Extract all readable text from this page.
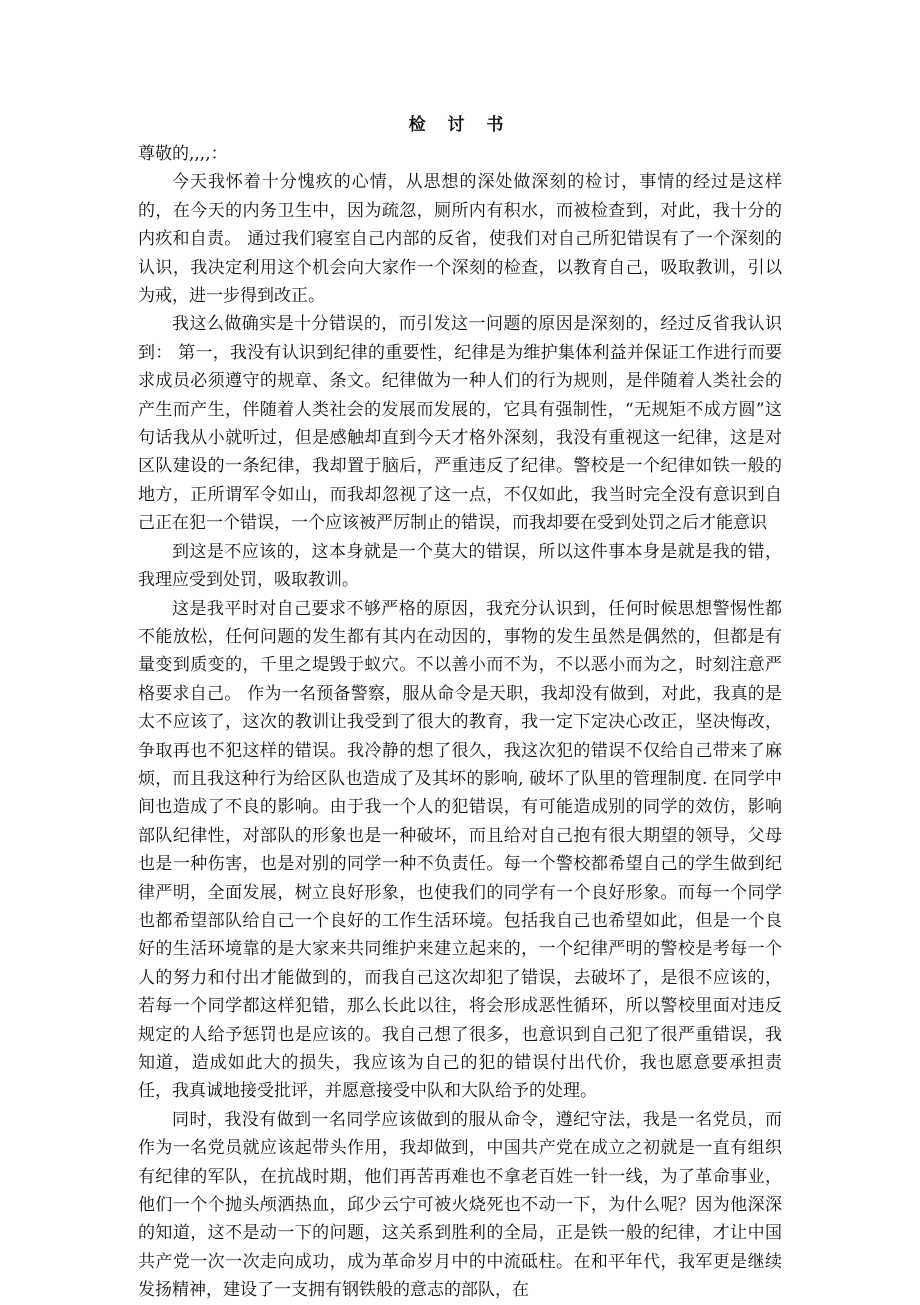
检 讨 书

尊敬的,,,,：

今天我怀着十分愧疚的心情，从思想的深处做深刻的检讨，事情的经过是这样的，在今天的内务卫生中，因为疏忽，厕所内有积水，而被检查到，对此，我十分的内疚和自责。 通过我们寝室自己内部的反省，使我们对自己所犯错误有了一个深刻的认识，我决定利用这个机会向大家作一个深刻的检查，以教育自己，吸取教训，引以为戒，进一步得到改正。

我这么做确实是十分错误的，而引发这一问题的原因是深刻的，经过反省我认识到： 第一，我没有认识到纪律的重要性，纪律是为维护集体利益并保证工作进行而要求成员必须遵守的规章、条文。纪律做为一种人们的行为规则，是伴随着人类社会的产生而产生，伴随着人类社会的发展而发展的，它具有强制性，“无规矩不成方圆”这句话我从小就听过，但是感触却直到今天才格外深刻，我没有重视这一纪律，这是对区队建设的一条纪律，我却置于脑后，严重违反了纪律。警校是一个纪律如铁一般的地方，正所谓军令如山，而我却忽视了这一点，不仅如此，我当时完全没有意识到自己正在犯一个错误，一个应该被严厉制止的错误，而我却要在受到处罚之后才能意识

到这是不应该的，这本身就是一个莫大的错误，所以这件事本身是就是我的错，我理应受到处罚，吸取教训。

这是我平时对自己要求不够严格的原因，我充分认识到，任何时候思想警惕性都不能放松，任何问题的发生都有其内在动因的，事物的发生虽然是偶然的，但都是有量变到质变的，千里之堤毁于蚁穴。不以善小而不为，不以恶小而为之，时刻注意严格要求自己。 作为一名预备警察，服从命令是天职，我却没有做到，对此，我真的是太不应该了，这次的教训让我受到了很大的教育，我一定下定决心改正，坚决悔改，争取再也不犯这样的错误。我冷静的想了很久，我这次犯的错误不仅给自己带来了麻烦，而且我这种行为给区队也造成了及其坏的影响, 破坏了队里的管理制度. 在同学中间也造成了不良的影响。由于我一个人的犯错误，有可能造成别的同学的效仿，影响部队纪律性，对部队的形象也是一种破坏，而且给对自己抱有很大期望的领导，父母也是一种伤害，也是对别的同学一种不负责任。每一个警校都希望自己的学生做到纪律严明，全面发展，树立良好形象，也使我们的同学有一个良好形象。而每一个同学也都希望部队给自己一个良好的工作生活环境。包括我自己也希望如此，但是一个良好的生活环境靠的是大家来共同维护来建立起来的，一个纪律严明的警校是考每一个人的努力和付出才能做到的，而我自己这次却犯了错误，去破坏了，是很不应该的，若每一个同学都这样犯错，那么长此以往，将会形成恶性循环，所以警校里面对违反规定的人给予惩罚也是应该的。我自己想了很多，也意识到自己犯了很严重错误，我知道，造成如此大的损失，我应该为自己的犯的错误付出代价，我也愿意要承担责任，我真诚地接受批评，并愿意接受中队和大队给予的处理。

同时，我没有做到一名同学应该做到的服从命令，遵纪守法，我是一名党员，而作为一名党员就应该起带头作用，我却做到，中国共产党在成立之初就是一直有组织有纪律的军队，在抗战时期，他们再苦再难也不拿老百姓一针一线，为了革命事业，他们一个个抛头颅洒热血，邱少云宁可被火烧死也不动一下，为什么呢？因为他深深的知道，这不是动一下的问题，这关系到胜利的全局，正是铁一般的纪律，才让中国共产党一次一次走向成功，成为革命岁月中的中流砥柱。在和平年代，我军更是继续发扬精神，建设了一支拥有钢铁般的意志的部队，在
